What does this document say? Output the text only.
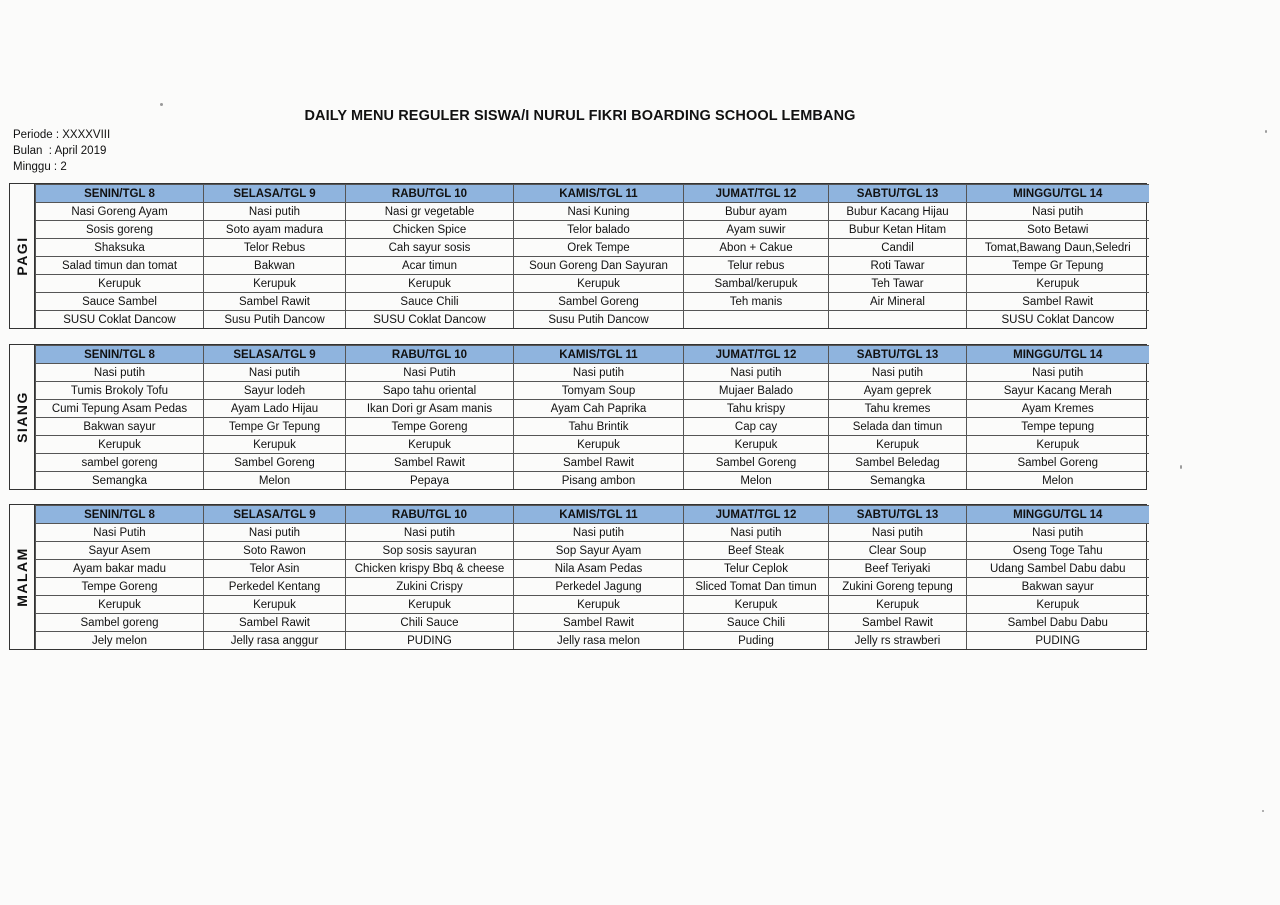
DAILY MENU REGULER SISWA/I NURUL FIKRI BOARDING SCHOOL LEMBANG
Periode : XXXXVIII
Bulan  : April 2019
Minggu : 2
PAGI
SENIN/TGL 8	SELASA/TGL 9	RABU/TGL 10	KAMIS/TGL 11	JUMAT/TGL 12	SABTU/TGL 13	MINGGU/TGL 14
Nasi Goreng Ayam	Nasi putih	Nasi gr vegetable	Nasi Kuning	Bubur ayam	Bubur Kacang Hijau	Nasi putih
Sosis goreng	Soto ayam madura	Chicken Spice	Telor balado	Ayam suwir	Bubur Ketan Hitam	Soto Betawi
Shaksuka	Telor Rebus	Cah sayur sosis	Orek Tempe	Abon + Cakue	Candil	Tomat,Bawang Daun,Seledri
Salad timun dan tomat	Bakwan	Acar timun	Soun Goreng Dan Sayuran	Telur rebus	Roti Tawar	Tempe Gr Tepung
Kerupuk	Kerupuk	Kerupuk	Kerupuk	Sambal/kerupuk	Teh Tawar	Kerupuk
Sauce Sambel	Sambel Rawit	Sauce Chili	Sambel Goreng	Teh manis	Air Mineral	Sambel Rawit
SUSU Coklat Dancow	Susu Putih Dancow	SUSU Coklat Dancow	Susu Putih Dancow			SUSU Coklat Dancow
SIANG
SENIN/TGL 8	SELASA/TGL 9	RABU/TGL 10	KAMIS/TGL 11	JUMAT/TGL 12	SABTU/TGL 13	MINGGU/TGL 14
Nasi putih	Nasi putih	Nasi Putih	Nasi putih	Nasi putih	Nasi putih	Nasi putih
Tumis Brokoly Tofu	Sayur lodeh	Sapo tahu oriental	Tomyam Soup	Mujaer Balado	Ayam geprek	Sayur Kacang Merah
Cumi Tepung Asam Pedas	Ayam Lado Hijau	Ikan Dori gr Asam manis	Ayam Cah Paprika	Tahu krispy	Tahu kremes	Ayam Kremes
Bakwan sayur	Tempe Gr Tepung	Tempe Goreng	Tahu Brintik	Cap cay	Selada dan timun	Tempe tepung
Kerupuk	Kerupuk	Kerupuk	Kerupuk	Kerupuk	Kerupuk	Kerupuk
sambel goreng	Sambel Goreng	Sambel Rawit	Sambel Rawit	Sambel Goreng	Sambel Beledag	Sambel Goreng
Semangka	Melon	Pepaya	Pisang ambon	Melon	Semangka	Melon
MALAM
SENIN/TGL 8	SELASA/TGL 9	RABU/TGL 10	KAMIS/TGL 11	JUMAT/TGL 12	SABTU/TGL 13	MINGGU/TGL 14
Nasi Putih	Nasi putih	Nasi putih	Nasi putih	Nasi putih	Nasi putih	Nasi putih
Sayur Asem	Soto Rawon	Sop sosis sayuran	Sop Sayur Ayam	Beef Steak	Clear Soup	Oseng Toge Tahu
Ayam bakar madu	Telor Asin	Chicken krispy Bbq & cheese	Nila Asam Pedas	Telur Ceplok	Beef Teriyaki	Udang Sambel Dabu dabu
Tempe Goreng	Perkedel Kentang	Zukini Crispy	Perkedel Jagung	Sliced Tomat Dan timun	Zukini Goreng tepung	Bakwan sayur
Kerupuk	Kerupuk	Kerupuk	Kerupuk	Kerupuk	Kerupuk	Kerupuk
Sambel goreng	Sambel Rawit	Chili Sauce	Sambel Rawit	Sauce Chili	Sambel Rawit	Sambel Dabu Dabu
Jely melon	Jelly rasa anggur	PUDING	Jelly rasa melon	Puding	Jelly rs strawberi	PUDING
